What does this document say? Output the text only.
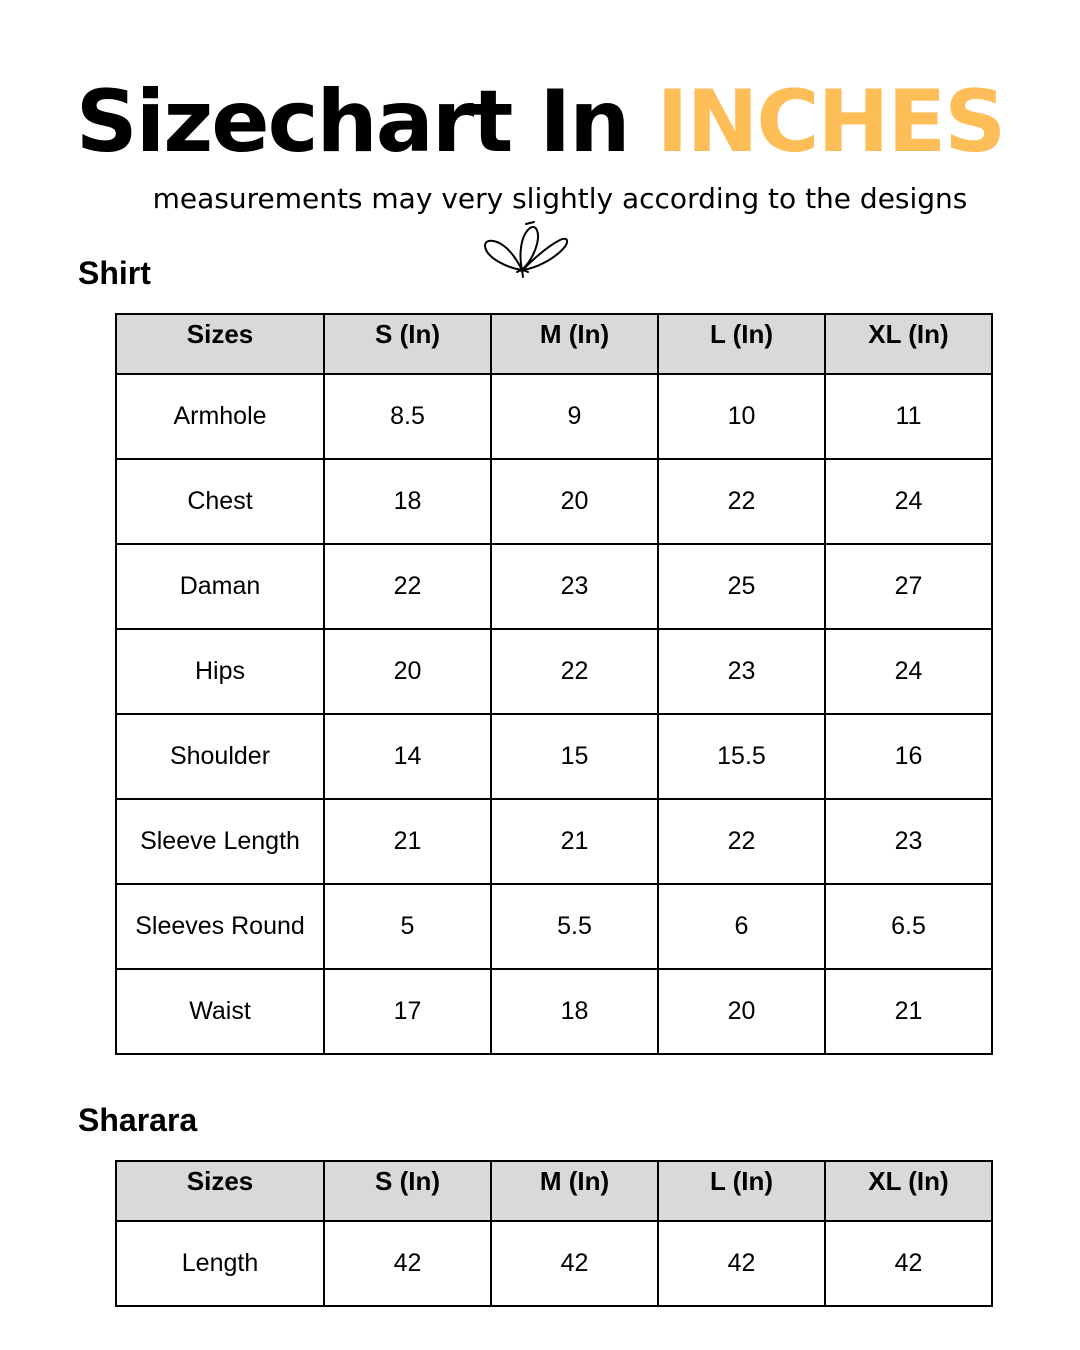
Sizechart In INCHES
measurements may very slightly according to the designs
Shirt
Sizes	S (In)	M (In)	L (In)	XL (In)
Armhole	8.5	9	10	11
Chest	18	20	22	24
Daman	22	23	25	27
Hips	20	22	23	24
Shoulder	14	15	15.5	16
Sleeve Length	21	21	22	23
Sleeves Round	5	5.5	6	6.5
Waist	17	18	20	21
Sharara
Sizes	S (In)	M (In)	L (In)	XL (In)
Length	42	42	42	42
